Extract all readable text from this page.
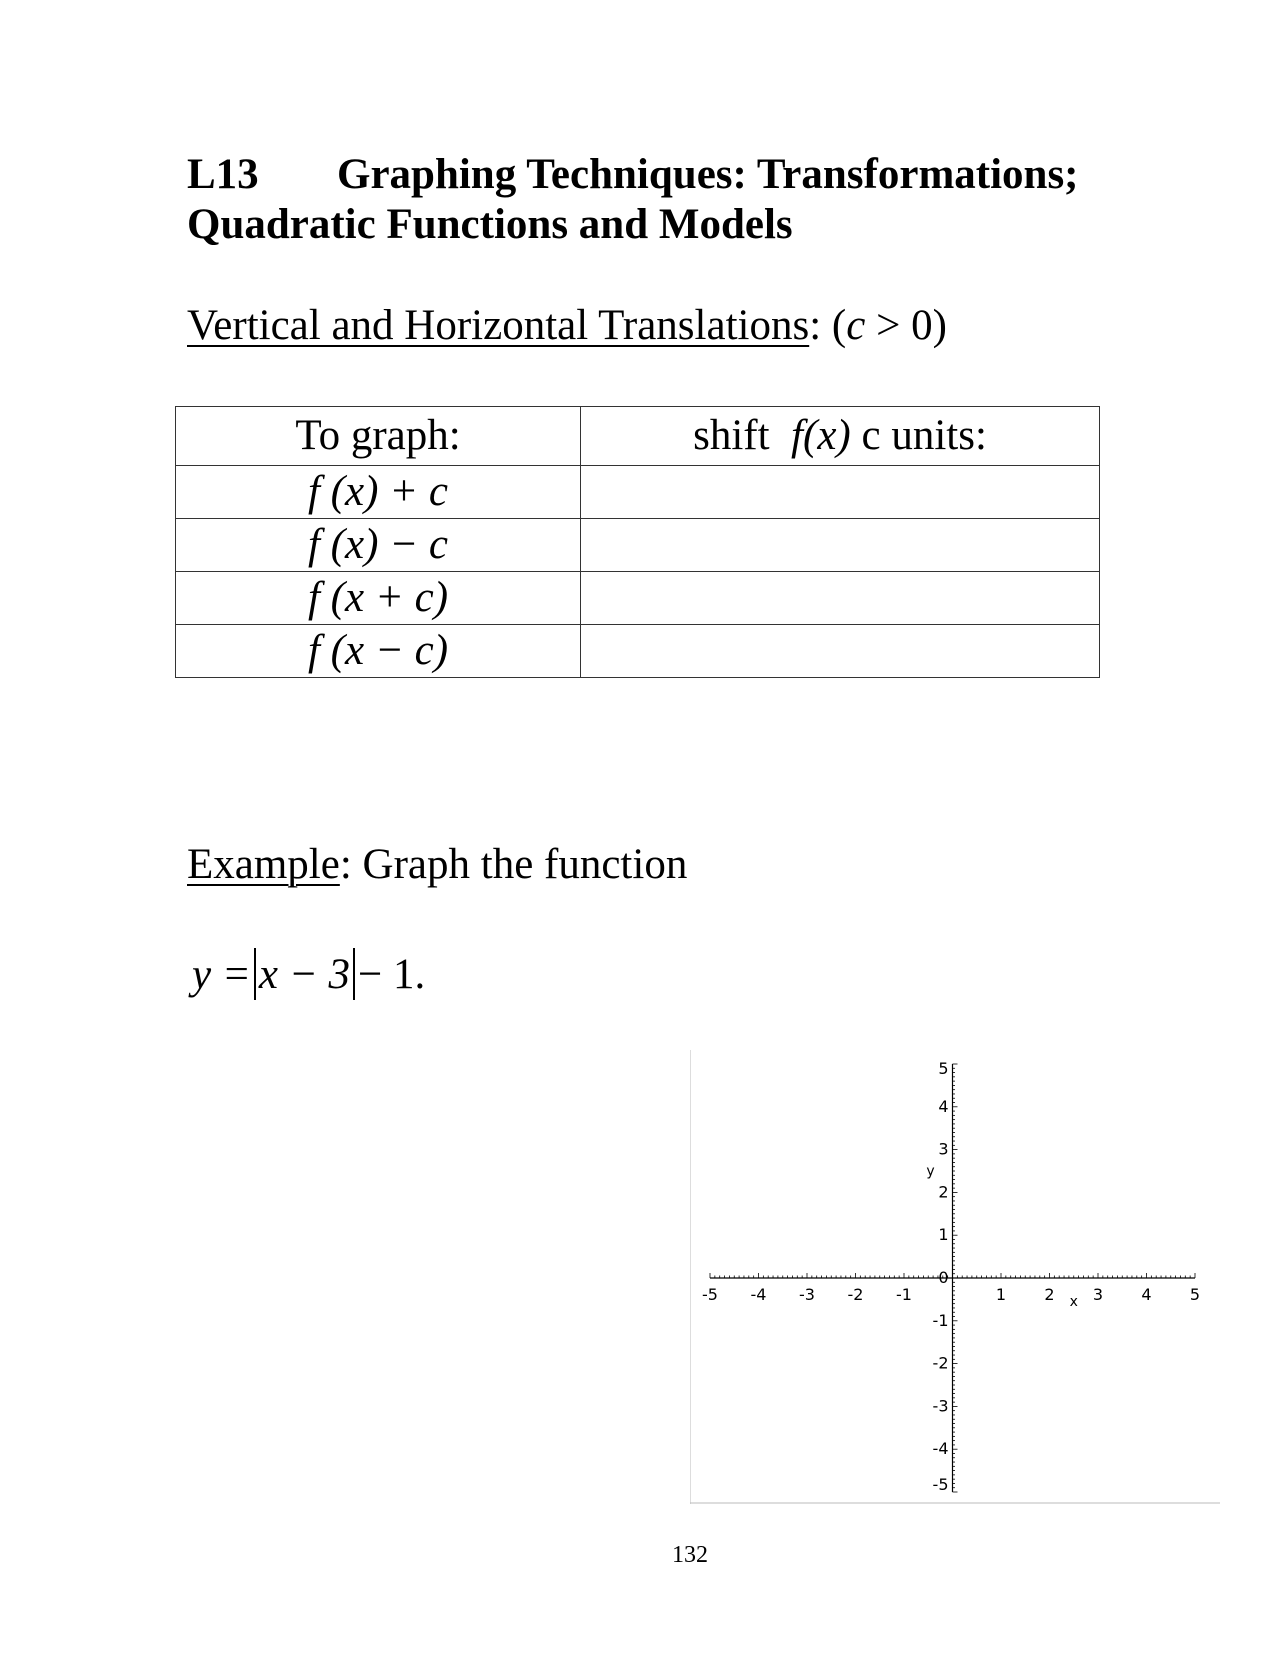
L13 Graphing Techniques: Transformations;
Quadratic Functions and Models

Vertical and Horizontal Translations: (c > 0)

To graph:	shift f(x) c units:
f (x) + c	
f (x) − c	
f (x + c)	
f (x − c)	

Example: Graph the function

y = x − 3 − 1.

-5 -4 -3 -2 -1	1 2 3 4 5
-5
-4
-3
-2
-1
0
1
2
3
4
5
x
y
132
